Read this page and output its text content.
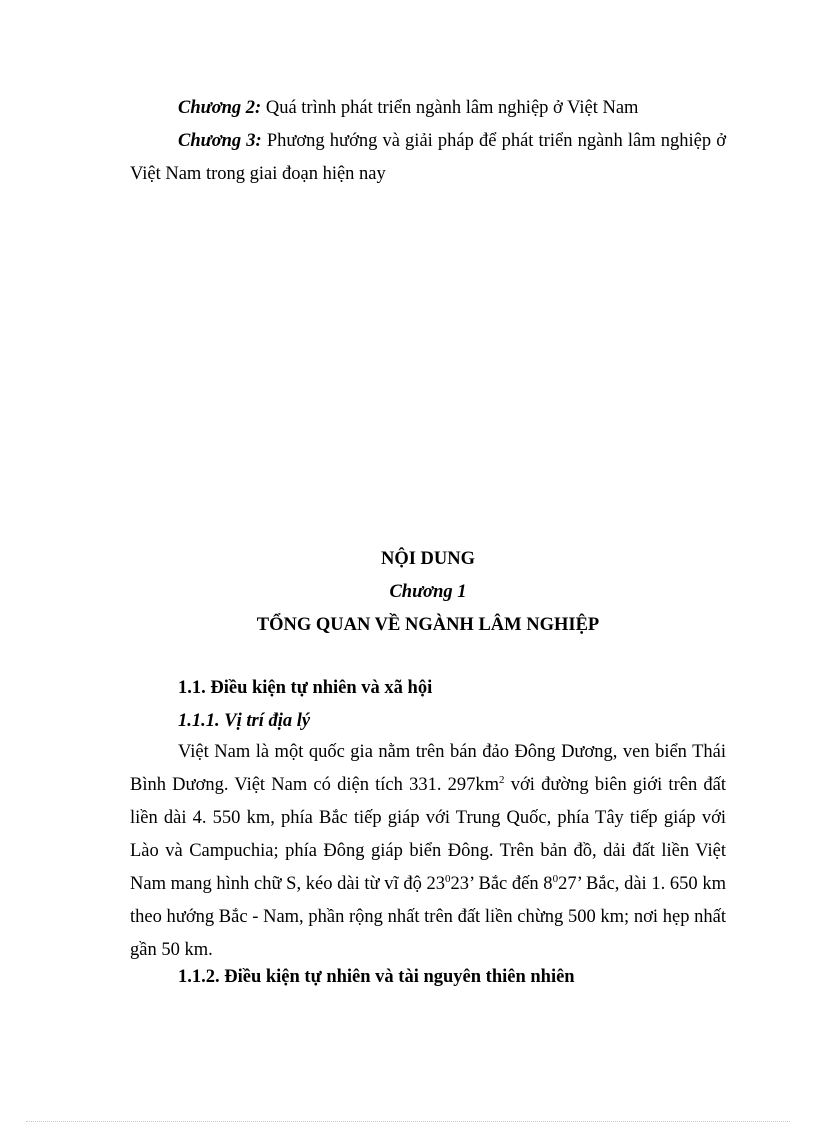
Chương 2: Quá trình phát triển ngành lâm nghiệp ở Việt Nam

Chương 3: Phương hướng và giải pháp để phát triển ngành lâm nghiệp ở Việt Nam trong giai đoạn hiện nay

NỘI DUNG

Chương 1

TỔNG QUAN VỀ NGÀNH LÂM NGHIỆP

1.1. Điều kiện tự nhiên và xã hội

1.1.1. Vị trí địa lý

Việt Nam là một quốc gia nằm trên bán đảo Đông Dương, ven biển Thái Bình Dương. Việt Nam có diện tích 331. $297km^2$ với đường biên giới trên đất liền dài 4. 550 km, phía Bắc tiếp giáp với Trung Quốc, phía Tây tiếp giáp với Lào và Campuchia; phía Đông giáp biển Đông. Trên bản đồ, dải đất liền Việt Nam mang hình chữ S, kéo dài từ vĩ độ $23^023$’ Bắc đến $8^027$’ Bắc, dài 1. 650 km theo hướng Bắc - Nam, phần rộng nhất trên đất liền chừng 500 km; nơi hẹp nhất gần 50 km.

1.1.2. Điều kiện tự nhiên và tài nguyên thiên nhiên
